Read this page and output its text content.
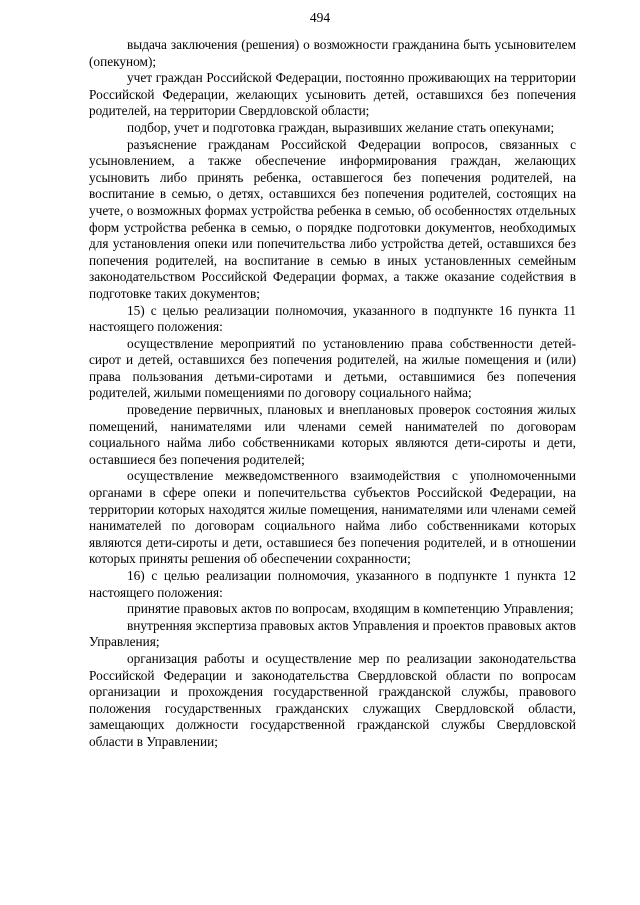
494

выдача заключения (решения) о возможности гражданина быть усыновителем (опекуном);

учет граждан Российской Федерации, постоянно проживающих на территории Российской Федерации, желающих усыновить детей, оставшихся без попечения родителей, на территории Свердловской области;

подбор, учет и подготовка граждан, выразивших желание стать опекунами;

разъяснение гражданам Российской Федерации вопросов, связанных с усыновлением, а также обеспечение информирования граждан, желающих усыновить либо принять ребенка, оставшегося без попечения родителей, на воспитание в семью, о детях, оставшихся без попечения родителей, состоящих на учете, о возможных формах устройства ребенка в семью, об особенностях отдельных форм устройства ребенка в семью, о порядке подготовки документов, необходимых для установления опеки или попечительства либо устройства детей, оставшихся без попечения родителей, на воспитание в семью в иных установленных семейным законодательством Российской Федерации формах, а также оказание содействия в подготовке таких документов;

15) с целью реализации полномочия, указанного в подпункте 16 пункта 11 настоящего положения:

осуществление мероприятий по установлению права собственности детей-сирот и детей, оставшихся без попечения родителей, на жилые помещения и (или) права пользования детьми-сиротами и детьми, оставшимися без попечения родителей, жилыми помещениями по договору социального найма;

проведение первичных, плановых и внеплановых проверок состояния жилых помещений, нанимателями или членами семей нанимателей по договорам социального найма либо собственниками которых являются дети-сироты и дети, оставшиеся без попечения родителей;

осуществление межведомственного взаимодействия с уполномоченными органами в сфере опеки и попечительства субъектов Российской Федерации, на территории которых находятся жилые помещения, нанимателями или членами семей нанимателей по договорам социального найма либо собственниками которых являются дети-сироты и дети, оставшиеся без попечения родителей, и в отношении которых приняты решения об обеспечении сохранности;

16) с целью реализации полномочия, указанного в подпункте 1 пункта 12 настоящего положения:

принятие правовых актов по вопросам, входящим в компетенцию Управления;

внутренняя экспертиза правовых актов Управления и проектов правовых актов Управления;

организация работы и осуществление мер по реализации законодательства Российской Федерации и законодательства Свердловской области по вопросам организации и прохождения государственной гражданской службы, правового положения государственных гражданских служащих Свердловской области, замещающих должности государственной гражданской службы Свердловской области в Управлении;
